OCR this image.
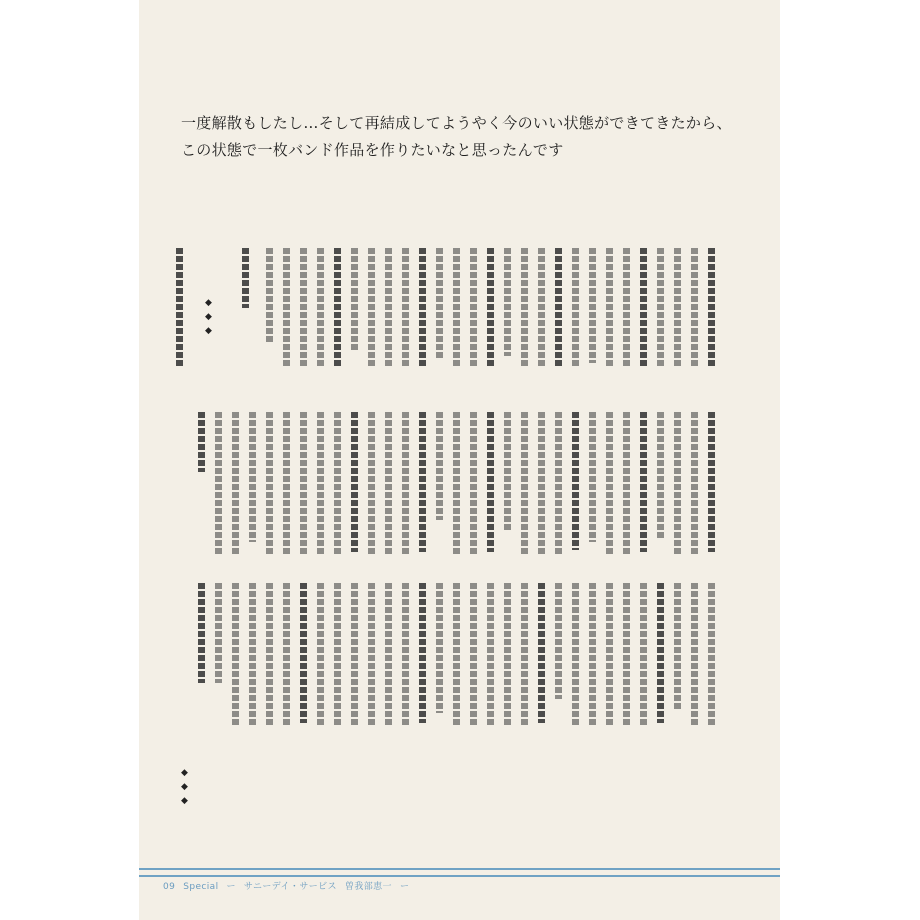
一度解散もしたし…そして再結成してようやく今のいい状態ができてきたから、
この状態で一枚バンド作品を作りたいなと思ったんです
◆
◆
◆
◆
◆
◆
09 Special ー サニーデイ・サービス 曽我部恵一 ー
